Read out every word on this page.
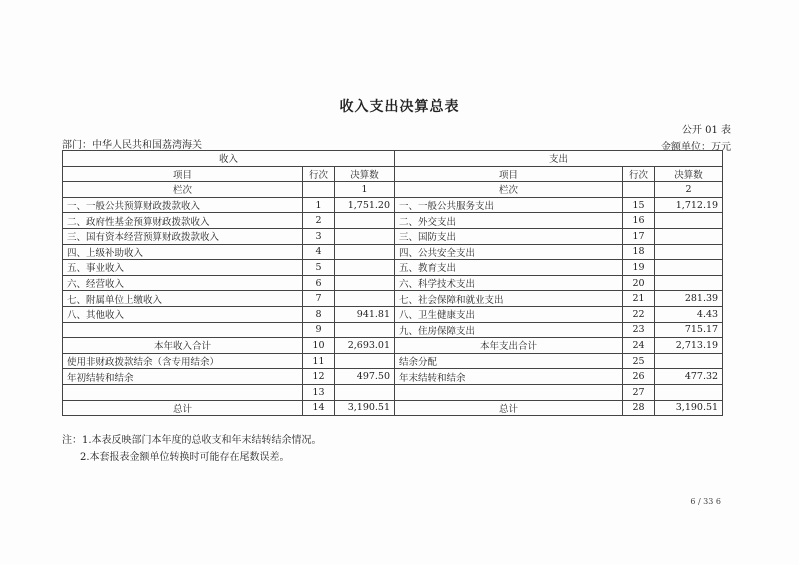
收入支出决算总表
公开 01 表
部门：中华人民共和国荔湾海关	金额单位：万元
收入			支出		
项目	行次	决算数	项目	行次	决算数
栏次		1	栏次		2
一、一般公共预算财政拨款收入	1	1,751.20	一、一般公共服务支出	15	1,712.19
二、政府性基金预算财政拨款收入	2		二、外交支出	16	
三、国有资本经营预算财政拨款收入	3		三、国防支出	17	
四、上级补助收入	4		四、公共安全支出	18	
五、事业收入	5		五、教育支出	19	
六、经营收入	6		六、科学技术支出	20	
七、附属单位上缴收入	7		七、社会保障和就业支出	21	281.39
八、其他收入	8	941.81	八、卫生健康支出	22	4.43
	9		九、住房保障支出	23	715.17
本年收入合计	10	2,693.01	本年支出合计	24	2,713.19
使用非财政拨款结余（含专用结余）	11		结余分配	25	
年初结转和结余	12	497.50	年末结转和结余	26	477.32
	13			27	
总计	14	3,190.51	总计	28	3,190.51
注：1.本表反映部门本年度的总收支和年末结转结余情况。
2.本套报表金额单位转换时可能存在尾数误差。
6 / 33 6
